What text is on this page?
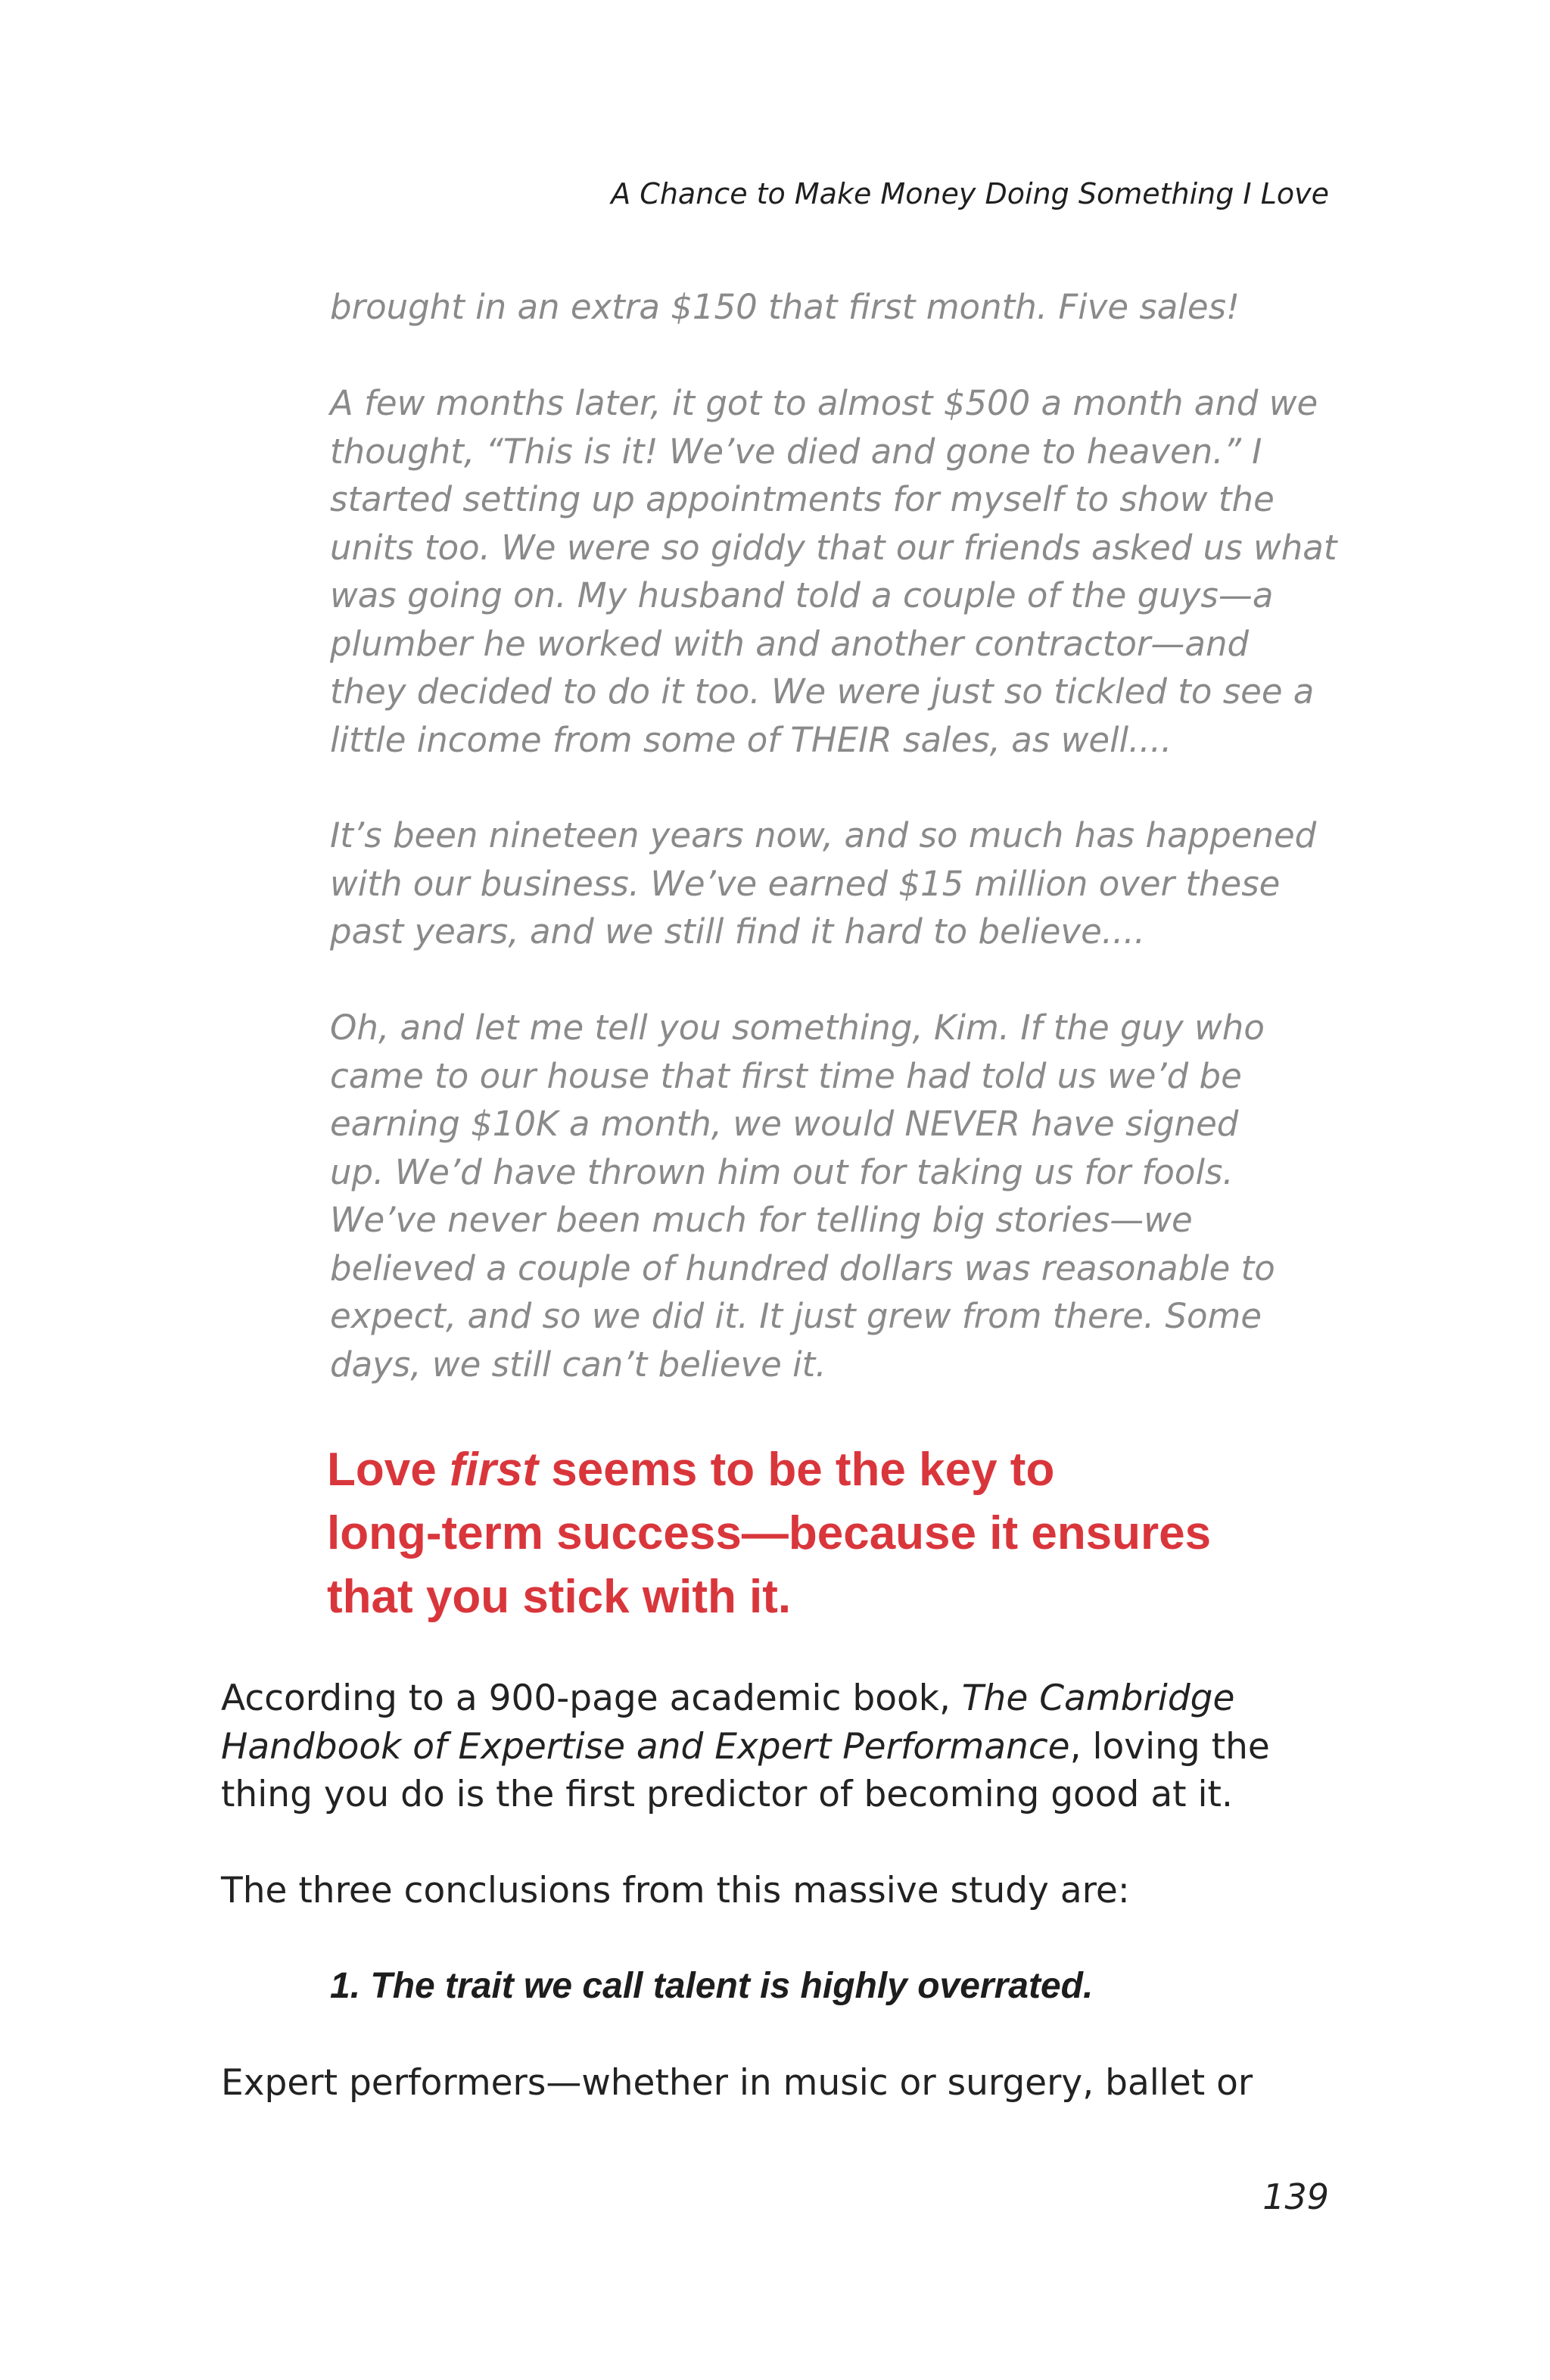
A Chance to Make Money Doing Something I Love

brought in an extra $150 that first month. Five sales!

A few months later, it got to almost $500 a month and we
thought, “This is it! We’ve died and gone to heaven.” I
started setting up appointments for myself to show the
units too. We were so giddy that our friends asked us what
was going on. My husband told a couple of the guys—a
plumber he worked with and another contractor—and
they decided to do it too. We were just so tickled to see a
little income from some of THEIR sales, as well....

It’s been nineteen years now, and so much has happened
with our business. We’ve earned $15 million over these
past years, and we still find it hard to believe....

Oh, and let me tell you something, Kim. If the guy who
came to our house that first time had told us we’d be
earning $10K a month, we would NEVER have signed
up. We’d have thrown him out for taking us for fools.
We’ve never been much for telling big stories—we
believed a couple of hundred dollars was reasonable to
expect, and so we did it. It just grew from there. Some
days, we still can’t believe it.

Love first seems to be the key to
long-term success—because it ensures
that you stick with it.

According to a 900-page academic book, The Cambridge
Handbook of Expertise and Expert Performance, loving the
thing you do is the first predictor of becoming good at it.

The three conclusions from this massive study are:

1. The trait we call talent is highly overrated.

Expert performers—whether in music or surgery, ballet or

139
